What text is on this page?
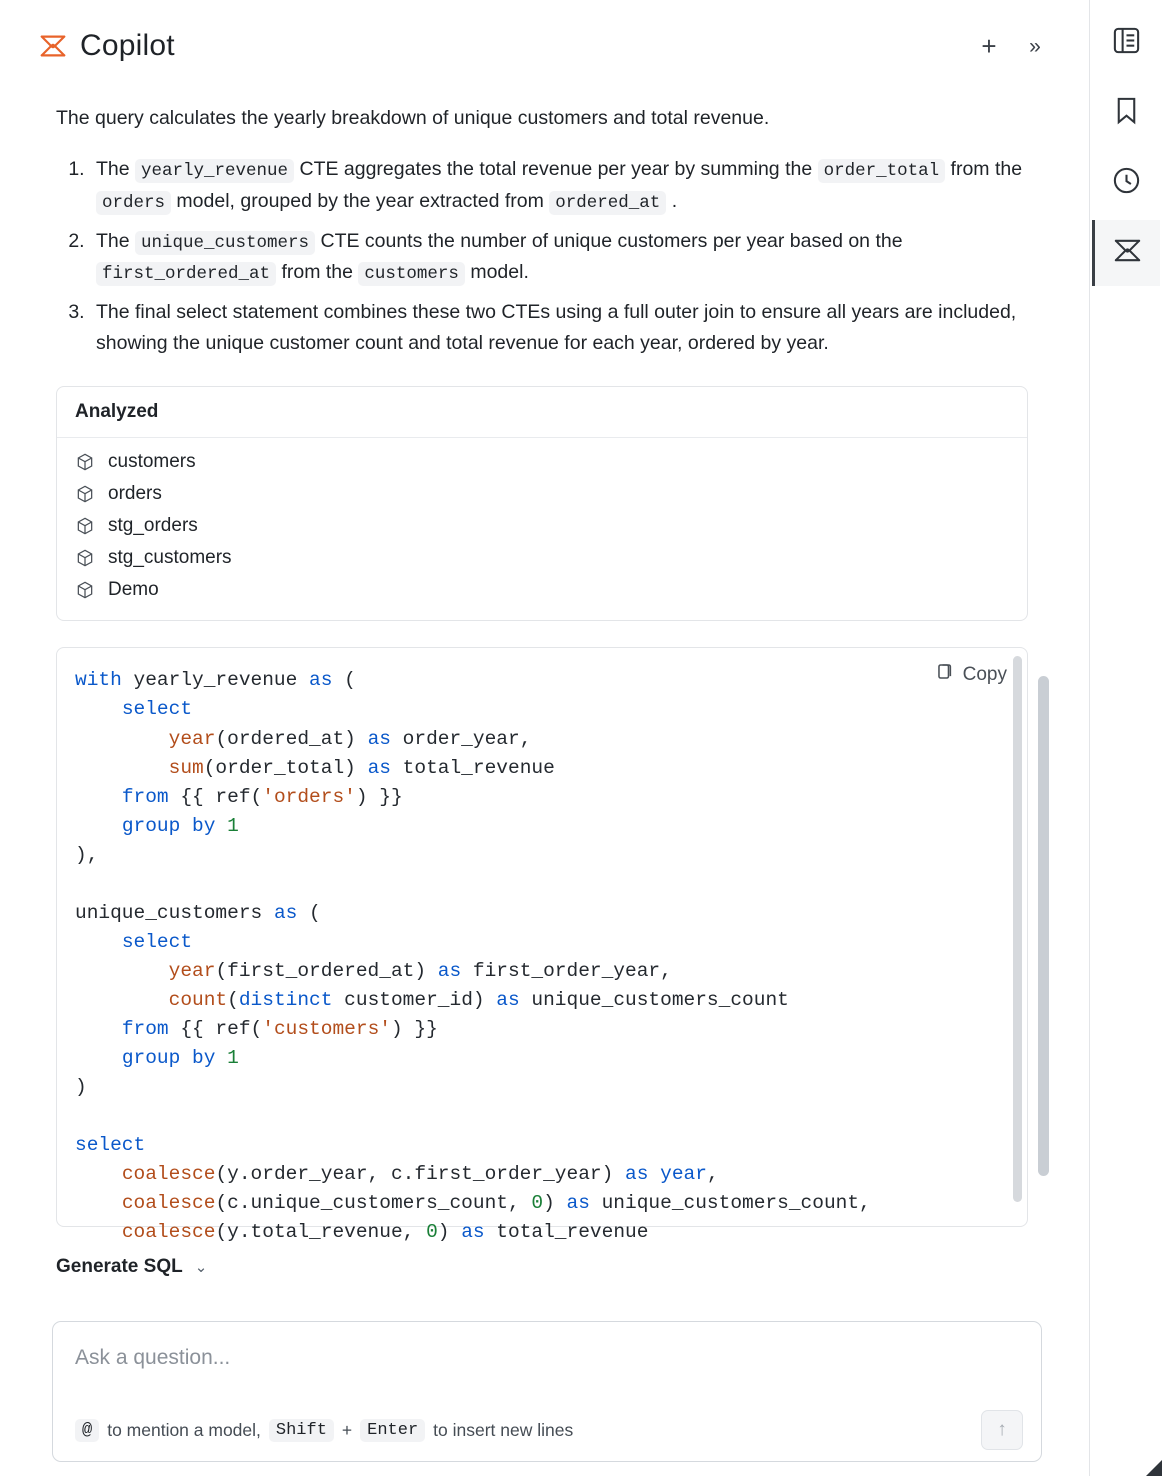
Copilot	+	»

The query calculates the yearly breakdown of unique customers and total revenue.

1. The yearly_revenue CTE aggregates the total revenue per year by summing the order_total from the orders model, grouped by the year extracted from ordered_at .
2. The unique_customers CTE counts the number of unique customers per year based on the first_ordered_at from the customers model.
3. The final select statement combines these two CTEs using a full outer join to ensure all years are included, showing the unique customer count and total revenue for each year, ordered by year.
Analyzed
customers
orders
stg_orders
stg_customers
Demo
Copy
with yearly_revenue as (
select
year(ordered_at) as order_year,
sum(order_total) as total_revenue
from {{ ref('orders') }}
group by 1
),

unique_customers as (
select
year(first_ordered_at) as first_order_year,
count(distinct customer_id) as unique_customers_count
from {{ ref('customers') }}
group by 1
)

select
coalesce(y.order_year, c.first_order_year) as year,
coalesce(c.unique_customers_count, 0) as unique_customers_count,
coalesce(y.total_revenue, 0) as total_revenue

Generate SQL ⌄
Ask a question...
@ to mention a model, Shift + Enter to insert new lines	↑
